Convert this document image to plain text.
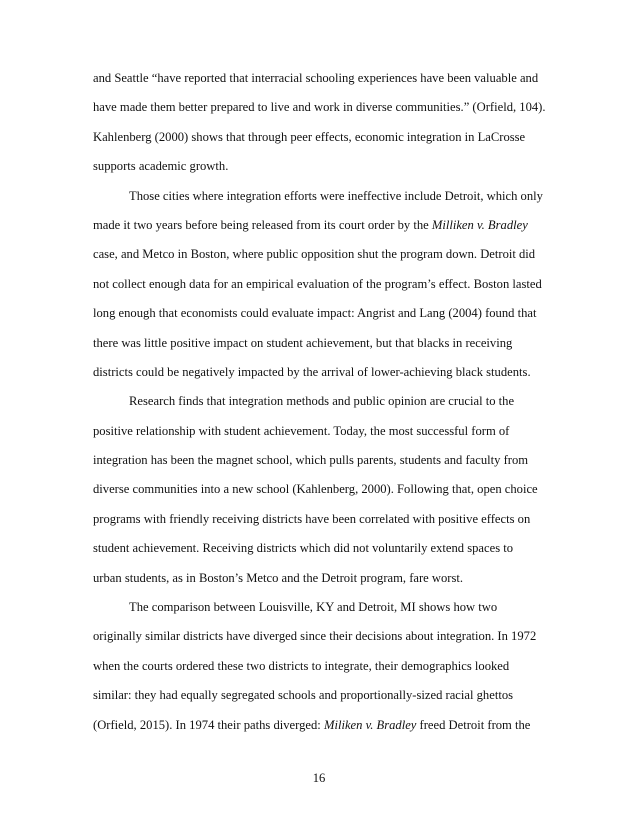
and Seattle “have reported that interracial schooling experiences have been valuable and
have made them better prepared to live and work in diverse communities.” (Orfield, 104).
Kahlenberg (2000) shows that through peer effects, economic integration in LaCrosse
supports academic growth.
Those cities where integration efforts were ineffective include Detroit, which only
made it two years before being released from its court order by the Milliken v. Bradley
case, and Metco in Boston, where public opposition shut the program down. Detroit did
not collect enough data for an empirical evaluation of the program’s effect. Boston lasted
long enough that economists could evaluate impact: Angrist and Lang (2004) found that
there was little positive impact on student achievement, but that blacks in receiving
districts could be negatively impacted by the arrival of lower-achieving black students.
Research finds that integration methods and public opinion are crucial to the
positive relationship with student achievement. Today, the most successful form of
integration has been the magnet school, which pulls parents, students and faculty from
diverse communities into a new school (Kahlenberg, 2000). Following that, open choice
programs with friendly receiving districts have been correlated with positive effects on
student achievement. Receiving districts which did not voluntarily extend spaces to
urban students, as in Boston’s Metco and the Detroit program, fare worst.
The comparison between Louisville, KY and Detroit, MI shows how two
originally similar districts have diverged since their decisions about integration. In 1972
when the courts ordered these two districts to integrate, their demographics looked
similar: they had equally segregated schools and proportionally-sized racial ghettos
(Orfield, 2015). In 1974 their paths diverged: Miliken v. Bradley freed Detroit from the
16
